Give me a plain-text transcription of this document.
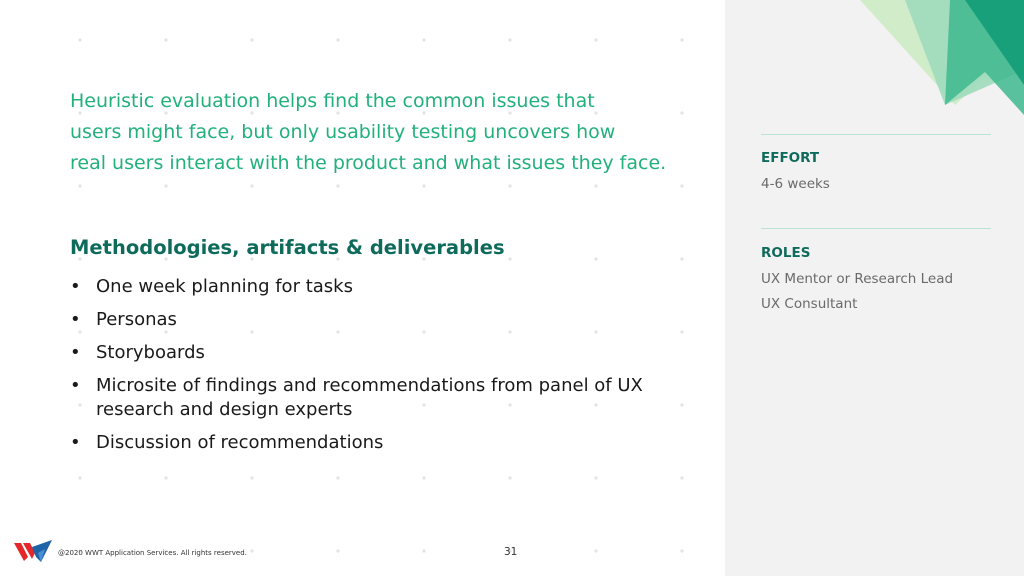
Heuristic evaluation helps find the common issues that
users might face, but only usability testing uncovers how
real users interact with the product and what issues they face.

Methodologies, artifacts & deliverables
• One week planning for tasks
• Personas
• Storyboards
• Microsite of findings and recommendations from panel of UX research and design experts
• Discussion of recommendations

EFFORT

4-6 weeks

ROLES

UX Mentor or Research Lead

UX Consultant

@2020 WWT Application Services. All rights reserved.	31
